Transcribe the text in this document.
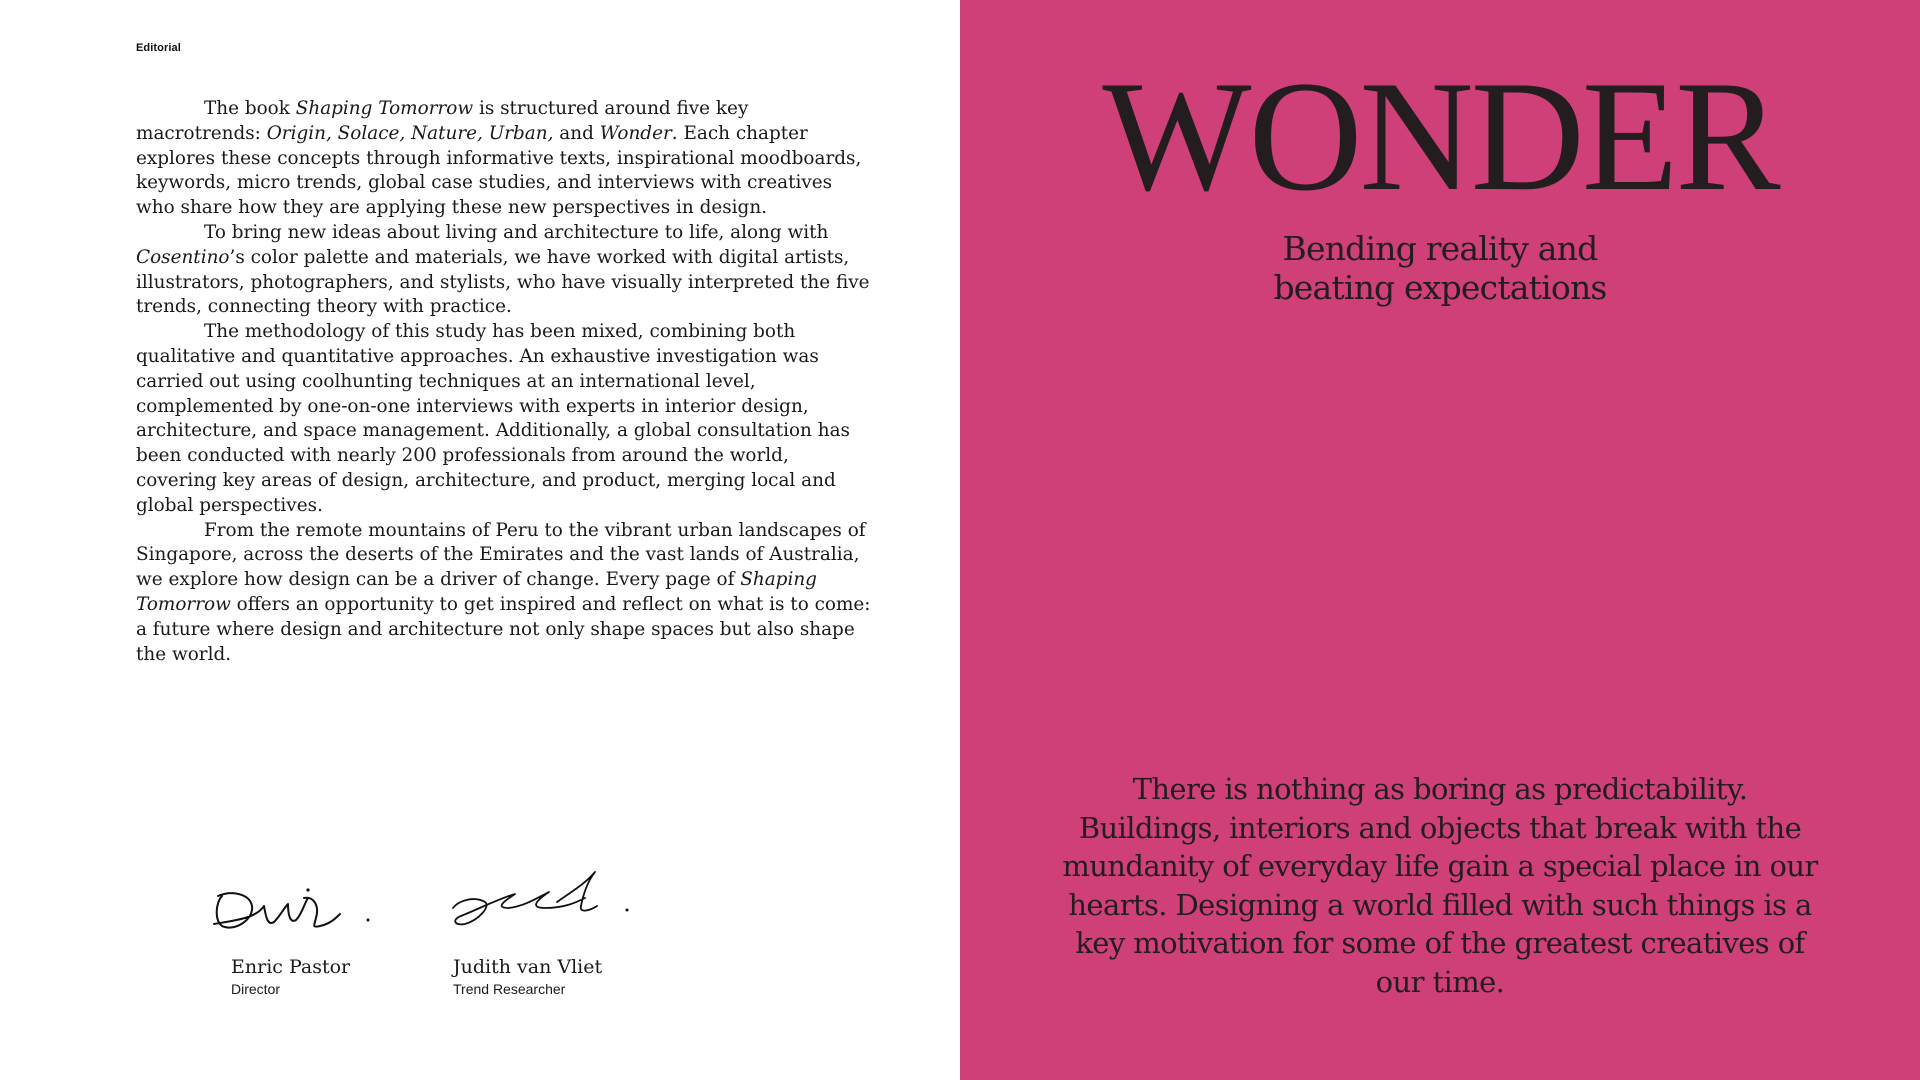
Editorial

The book Shaping Tomorrow is structured around five key macrotrends: Origin, Solace, Nature, Urban, and Wonder. Each chapter explores these concepts through informative texts, inspirational moodboards, keywords, micro trends, global case studies, and interviews with creatives who share how they are applying these new perspectives in design.

To bring new ideas about living and architecture to life, along with Cosentino’s color palette and materials, we have worked with digital artists, illustrators, photographers, and stylists, who have visually interpreted the five trends, connecting theory with practice.

The methodology of this study has been mixed, combining both qualitative and quantitative approaches. An exhaustive investigation was carried out using coolhunting techniques at an international level, complemented by one-on-one interviews with experts in interior design, architecture, and space management. Additionally, a global consultation has been conducted with nearly 200 professionals from around the world, covering key areas of design, architecture, and product, merging local and global perspectives.

From the remote mountains of Peru to the vibrant urban landscapes of Singapore, across the deserts of the Emirates and the vast lands of Australia, we explore how design can be a driver of change. Every page of Shaping Tomorrow offers an opportunity to get inspired and reflect on what is to come: a future where design and architecture not only shape spaces but also shape the world.

Enric Pastor
Director
Judith van Vliet
Trend Researcher
WONDER
Bending reality and
beating expectations
There is nothing as boring as predictability. Buildings, interiors and objects that break with the mundanity of everyday life gain a special place in our hearts. Designing a world filled with such things is a key motivation for some of the greatest creatives of our time.
